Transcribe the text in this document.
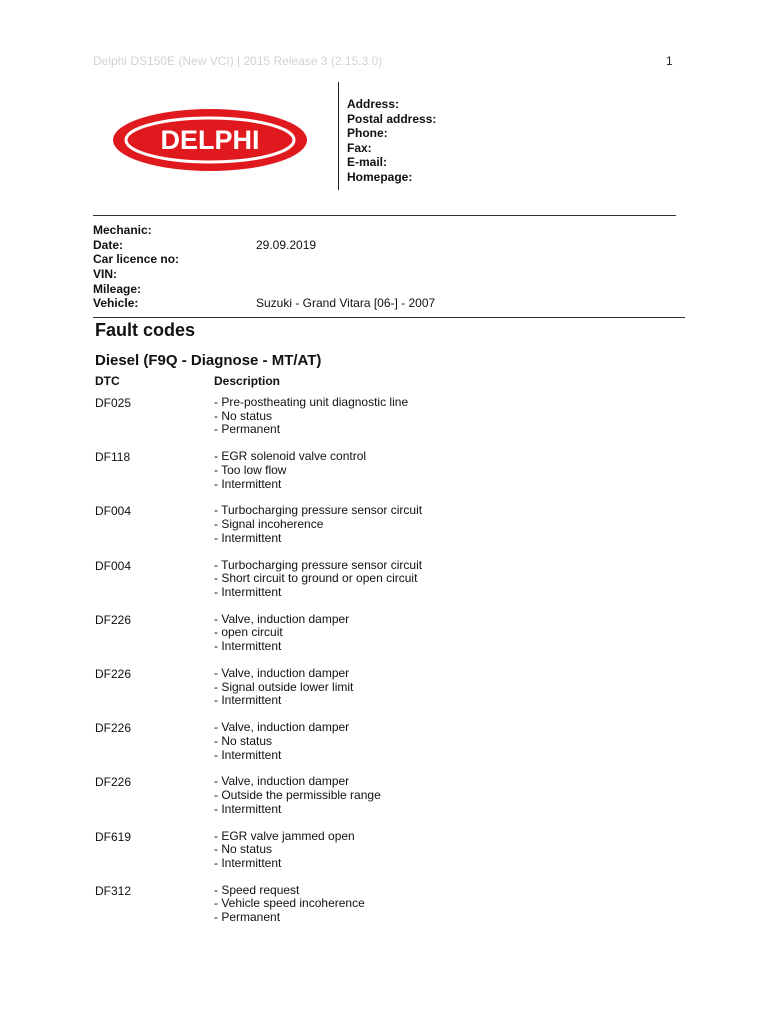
Delphi DS150E (New VCI) | 2015 Release 3 (2.15.3.0)	1
DELPHI
Address:
Postal address:
Phone:
Fax:
E-mail:
Homepage:
Mechanic:
Date:	29.09.2019
Car licence no:
VIN:
Mileage:
Vehicle:	Suzuki - Grand Vitara [06-] - 2007
Fault codes
Diesel (F9Q - Diagnose - MT/AT)
DTC	Description
DF025	- Pre-postheating unit diagnostic line
- No status
- Permanent
DF118	- EGR solenoid valve control
- Too low flow
- Intermittent
DF004	- Turbocharging pressure sensor circuit
- Signal incoherence
- Intermittent
DF004	- Turbocharging pressure sensor circuit
- Short circuit to ground or open circuit
- Intermittent
DF226	- Valve, induction damper
- open circuit
- Intermittent
DF226	- Valve, induction damper
- Signal outside lower limit
- Intermittent
DF226	- Valve, induction damper
- No status
- Intermittent
DF226	- Valve, induction damper
- Outside the permissible range
- Intermittent
DF619	- EGR valve jammed open
- No status
- Intermittent
DF312	- Speed request
- Vehicle speed incoherence
- Permanent
